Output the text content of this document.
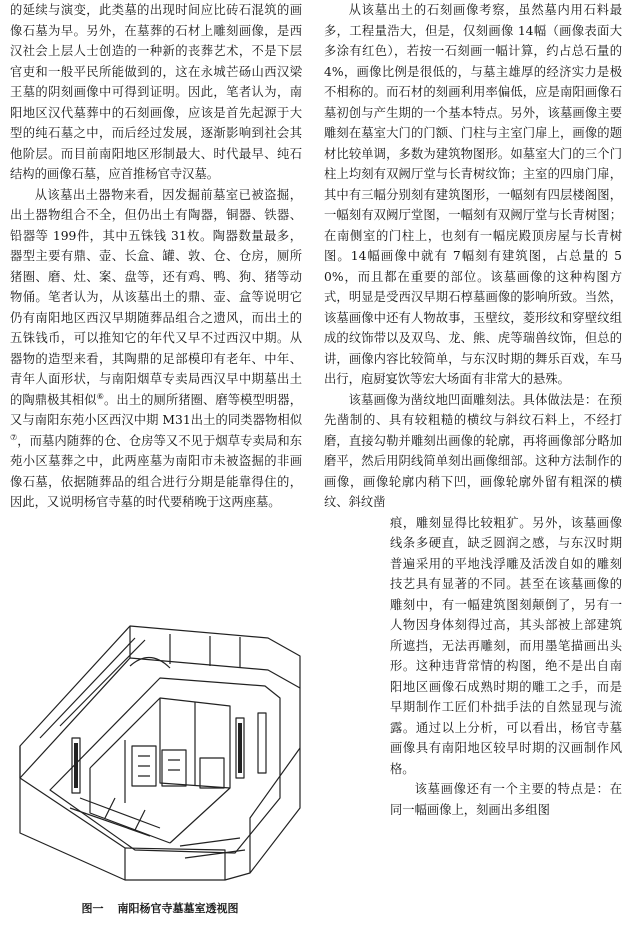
的延续与演变，此类墓的出现时间应比砖石混筑的画像石墓为早。另外，在墓葬的石材上雕刻画像，是西汉社会上层人士创造的一种新的丧葬艺术，不是下层官吏和一般平民所能做到的，这在永城芒砀山西汉梁王墓的阴刻画像中可得到证明。因此，笔者认为，南阳地区汉代墓葬中的石刻画像，应该是首先起源于大型的纯石墓之中，而后经过发展，逐渐影响到社会其他阶层。而目前南阳地区形制最大、时代最早、纯石结构的画像石墓，应首推杨官寺汉墓。

从该墓出土器物来看，因发掘前墓室已被盗掘，出土器物组合不全，但仍出土有陶器，铜器、铁器、铅器等 199件，其中五铢钱 31枚。陶器数量最多，器型主要有鼎、壶、长盒、罐、敦、仓、仓房，厕所猪圈、磨、灶、案、盘等，还有鸡、鸭、狗、猪等动物俑。笔者认为，从该墓出土的鼎、壶、盒等说明它仍有南阳地区西汉早期随葬品组合之遗风，而出土的五铢钱币，可以推知它的年代又早不过西汉中期。从器物的造型来看，其陶鼎的足部模印有老年、中年、青年人面形状，与南阳烟草专卖局西汉早中期墓出土的陶鼎极其相似⑥。出土的厕所猪圈、磨等模型明器，又与南阳东苑小区西汉中期 M31出土的同类器物相似⑦，而墓内随葬的仓、仓房等又不见于烟草专卖局和东苑小区墓葬之中，此两座墓为南阳市未被盗掘的非画像石墓，依据随葬品的组合进行分期是能靠得住的，因此，又说明杨官寺墓的时代要稍晚于这两座墓。

从该墓出土的石刻画像考察，虽然墓内用石料最多，工程量浩大，但是，仅刻画像 14幅（画像表面大多涂有红色），若按一石刻画一幅计算，约占总石量的 4%，画像比例是很低的，与墓主雄厚的经济实力是极不相称的。而石材的刻画利用率偏低，应是南阳画像石墓初创与产生期的一个基本特点。另外，该墓画像主要雕刻在墓室大门的门额、门柱与主室门扉上，画像的题材比较单调，多数为建筑物图形。如墓室大门的三个门柱上均刻有双阙厅堂与长青树纹饰；主室的四扇门扉，其中有三幅分别刻有建筑图形，一幅刻有四层楼阁图，一幅刻有双阙厅堂图，一幅刻有双阙厅堂与长青树图；在南侧室的门柱上，也刻有一幅庑殿顶房屋与长青树图。14幅画像中就有 7幅刻有建筑图，占总量的 50%，而且都在重要的部位。该墓画像的这种构图方式，明显是受西汉早期石椁墓画像的影响所致。当然，该墓画像中还有人物故事，玉壁纹，菱形纹和穿壁纹组成的纹饰带以及双鸟、龙、熊、虎等瑞兽纹饰，但总的讲，画像内容比较简单，与东汉时期的舞乐百戏，车马出行，庖厨宴饮等宏大场面有非常大的悬殊。

该墓画像为凿纹地凹面雕刻法。具体做法是：在预先凿制的、具有较粗糙的横纹与斜纹石料上，不经打磨，直接勾勒并雕刻出画像的轮廓，再将画像部分略加磨平，然后用阴线简单刻出画像细部。这种方法制作的画像，画像轮廓内稍下凹，画像轮廓外留有粗深的横纹、斜纹凿

痕，雕刻显得比较粗犷。另外，该墓画像线条多硬直，缺乏圆润之感，与东汉时期普遍采用的平地浅浮雕及活泼自如的雕刻技艺具有显著的不同。甚至在该墓画像的雕刻中，有一幅建筑图刻颠倒了，另有一人物因身体刻得过高，其头部被上部建筑所遮挡，无法再雕刻，而用墨笔描画出头形。这种违背常情的构图，绝不是出自南阳地区画像石成熟时期的雕工之手，而是早期制作工匠们朴拙手法的自然显现与流露。通过以上分析，可以看出，杨官寺墓画像具有南阳地区较早时期的汉画制作风格。

该墓画像还有一个主要的特点是：在同一幅画像上，刻画出多组图

图一 南阳杨官寺墓墓室透视图
